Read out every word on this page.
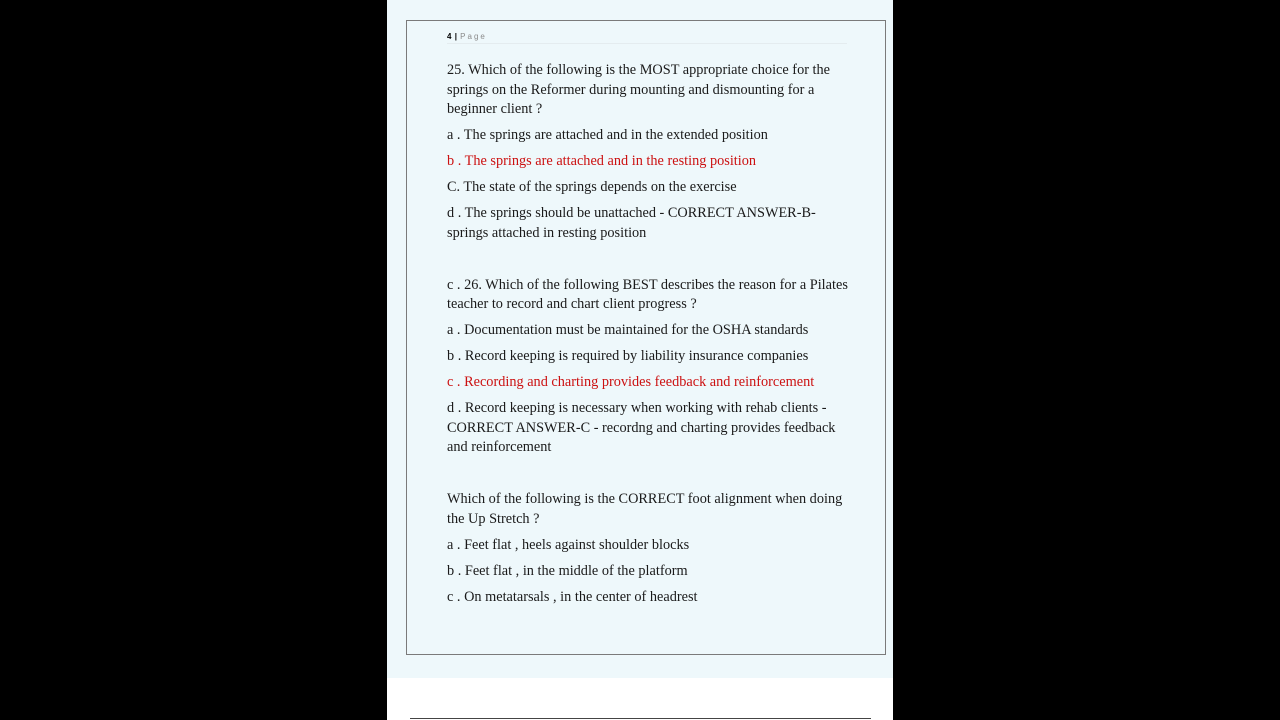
4 | Page

25. Which of the following is the MOST appropriate choice for the springs on the Reformer during mounting and dismounting for a beginner client ?

a . The springs are attached and in the extended position

b . The springs are attached and in the resting position

C. The state of the springs depends on the exercise

d . The springs should be unattached - CORRECT ANSWER-B-springs attached in resting position

c . 26. Which of the following BEST describes the reason for a Pilates teacher to record and chart client progress ?

a . Documentation must be maintained for the OSHA standards

b . Record keeping is required by liability insurance companies

c . Recording and charting provides feedback and reinforcement

d . Record keeping is necessary when working with rehab clients - CORRECT ANSWER-C - recordng and charting provides feedback and reinforcement

Which of the following is the CORRECT foot alignment when doing the Up Stretch ?

a . Feet flat , heels against shoulder blocks

b . Feet flat , in the middle of the platform

c . On metatarsals , in the center of headrest
